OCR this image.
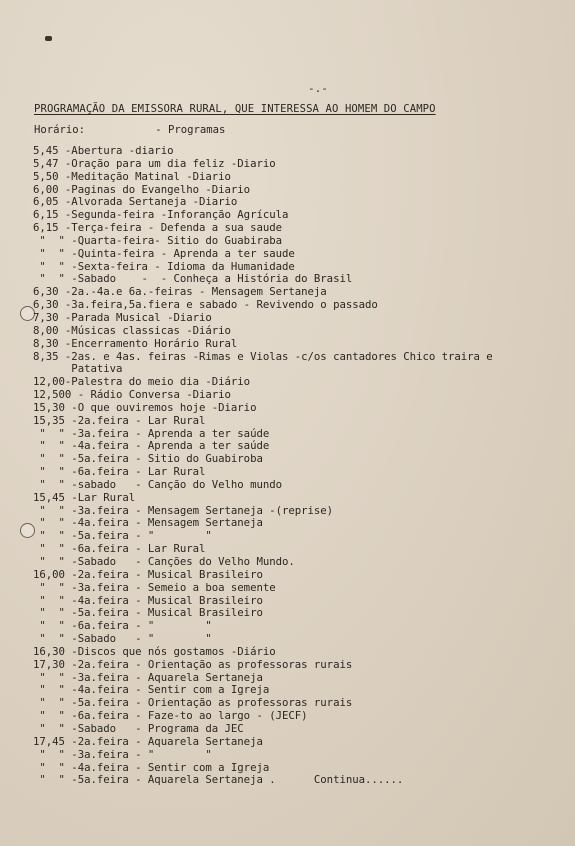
-.-
PROGRAMAÇÃO DA EMISSORA RURAL, QUE INTERESSA AO HOMEM DO CAMPO
Horário:	- Programas
5,45 -Abertura -diario
5,47 -Oração para um dia feliz -Diario
5,50 -Meditação Matinal -Diario
6,00 -Paginas do Evangelho -Diario
6,05 -Alvorada Sertaneja -Diario
6,15 -Segunda-feira -Inforanção Agrícula
6,15 -Terça-feira - Defenda a sua saude
"  " -Quarta-feira- Sitio do Guabiraba
"  " -Quinta-feira - Aprenda a ter saude
"  " -Sexta-feira - Idioma da Humanidade
"  " -Sabado    -  - Conheça a História do Brasil
6,30 -2a.-4a.e 6a.-feiras - Mensagem Sertaneja
6,30 -3a.feira,5a.fiera e sabado - Revivendo o passado
7,30 -Parada Musical -Diario
8,00 -Músicas classicas -Diário
8,30 -Encerramento Horário Rural
8,35 -2as. e 4as. feiras -Rimas e Violas -c/os cantadores Chico traira e
Patativa
12,00-Palestra do meio dia -Diário
12,500 - Rádio Conversa -Diario
15,30 -O que ouviremos hoje -Diario
15,35 -2a.feira - Lar Rural
"  " -3a.feira - Aprenda a ter saúde
"  " -4a.feira - Aprenda a ter saúde
"  " -5a.feira - Sitio do Guabiroba
"  " -6a.feira - Lar Rural
"  " -sabado   - Canção do Velho mundo
15,45 -Lar Rural
"  " -3a.feira - Mensagem Sertaneja -(reprise)
"  " -4a.feira - Mensagem Sertaneja
"  " -5a.feira - "        "
"  " -6a.feira - Lar Rural
"  " -Sabado   - Canções do Velho Mundo.
16,00 -2a.feira - Musical Brasileiro
"  " -3a.feira - Semeio a boa semente
"  " -4a.feira - Musical Brasileiro
"  " -5a.feira - Musical Brasileiro
"  " -6a.feira - "        "
"  " -Sabado   - "        "
16,30 -Discos que nós gostamos -Diário
17,30 -2a.feira - Orientação as professoras rurais
"  " -3a.feira - Aquarela Sertaneja
"  " -4a.feira - Sentir com a Igreja
"  " -5a.feira - Orientação as professoras rurais
"  " -6a.feira - Faze-to ao largo - (JECF)
"  " -Sabado   - Programa da JEC
17,45 -2a.feira - Aquarela Sertaneja
"  " -3a.feira - "        "
"  " -4a.feira - Sentir com a Igreja
"  " -5a.feira - Aquarela Sertaneja .      Continua......
